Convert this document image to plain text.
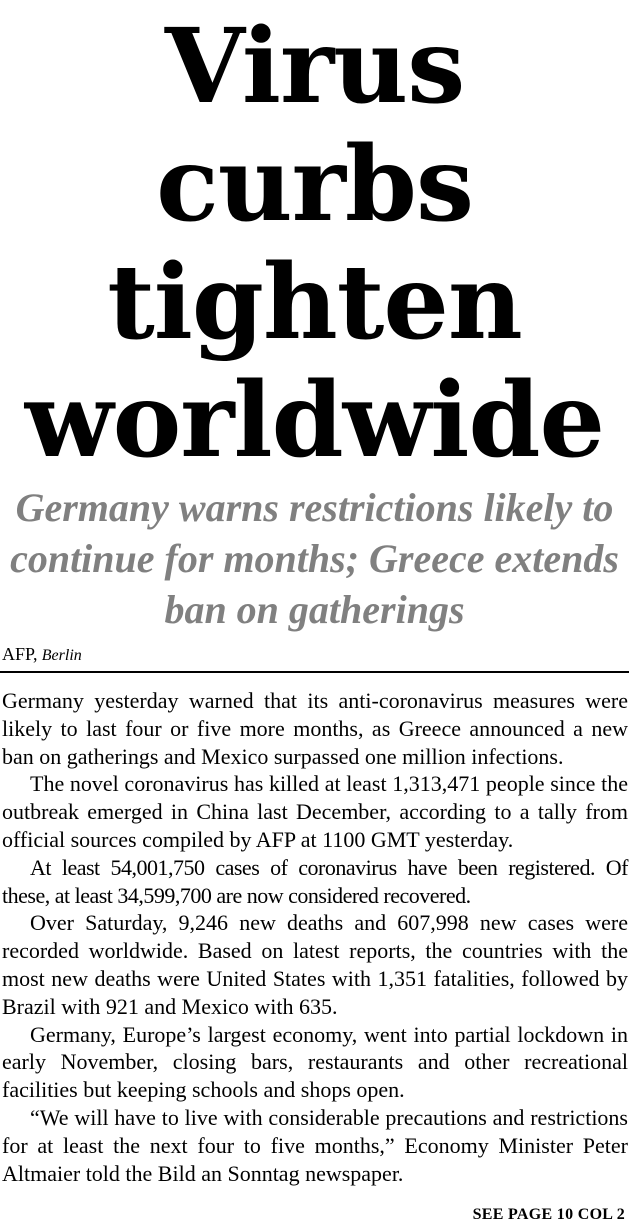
Virus curbs
tighten
worldwide
Germany warns restrictions likely to continue for months; Greece extends ban on gatherings
AFP, Berlin

Germany yesterday warned that its anti-coronavirus measures were likely to last four or five more months, as Greece announced a new ban on gatherings and Mexico surpassed one million infections.

The novel coronavirus has killed at least 1,313,471 people since the outbreak emerged in China last December, according to a tally from official sources compiled by AFP at 1100 GMT yesterday.

At least 54,001,750 cases of coronavirus have been registered. Of these, at least 34,599,700 are now considered recovered.

Over Saturday, 9,246 new deaths and 607,998 new cases were recorded worldwide. Based on latest reports, the countries with the most new deaths were United States with 1,351 fatalities, followed by Brazil with 921 and Mexico with 635.

Germany, Europe’s largest economy, went into partial lockdown in early November, closing bars, restaurants and other recreational facilities but keeping schools and shops open.

“We will have to live with considerable precautions and restrictions for at least the next four to five months,” Economy Minister Peter Altmaier told the Bild an Sonntag newspaper.

SEE PAGE 10 COL 2
